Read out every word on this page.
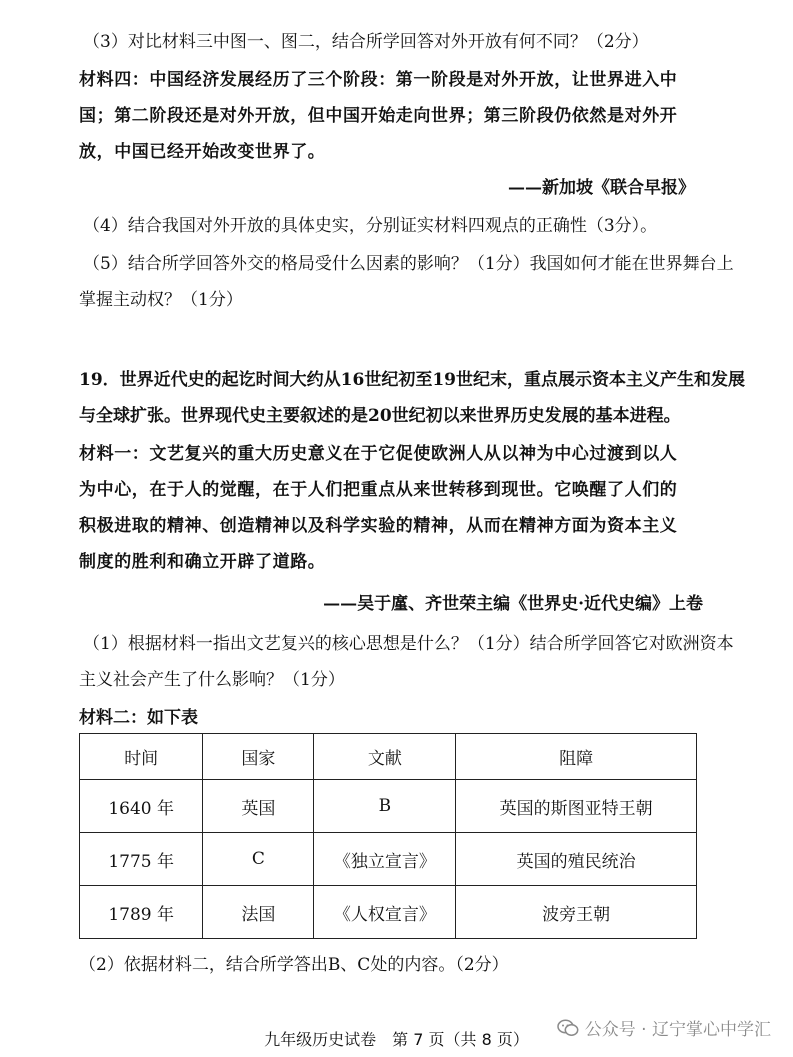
（3）对比材料三中图一、图二，结合所学回答对外开放有何不同？（2分）
材料四：中国经济发展经历了三个阶段：第一阶段是对外开放，让世界进入中
国；第二阶段还是对外开放，但中国开始走向世界；第三阶段仍依然是对外开
放，中国已经开始改变世界了。
——新加坡《联合早报》
（4）结合我国对外开放的具体史实，分别证实材料四观点的正确性（3分）。
（5）结合所学回答外交的格局受什么因素的影响？（1分）我国如何才能在世界舞台上
掌握主动权？（1分）
19．世界近代史的起讫时间大约从16世纪初至19世纪末，重点展示资本主义产生和发展
与全球扩张。世界现代史主要叙述的是20世纪初以来世界历史发展的基本进程。
材料一：文艺复兴的重大历史意义在于它促使欧洲人从以神为中心过渡到以人
为中心，在于人的觉醒，在于人们把重点从来世转移到现世。它唤醒了人们的
积极进取的精神、创造精神以及科学实验的精神，从而在精神方面为资本主义
制度的胜利和确立开辟了道路。
——吴于廑、齐世荣主编《世界史·近代史编》上卷
（1）根据材料一指出文艺复兴的核心思想是什么？（1分）结合所学回答它对欧洲资本
主义社会产生了什么影响？（1分）
材料二：如下表
时间	国家	文献	阻障
1640 年	英国	B	英国的斯图亚特王朝
1775 年	C	《独立宣言》	英国的殖民统治
1789 年	法国	《人权宣言》	波旁王朝
（2）依据材料二，结合所学答出B、C处的内容。（2分）
公众号 · 辽宁掌心中学汇
九年级历史试卷　第 7 页（共 8 页）
